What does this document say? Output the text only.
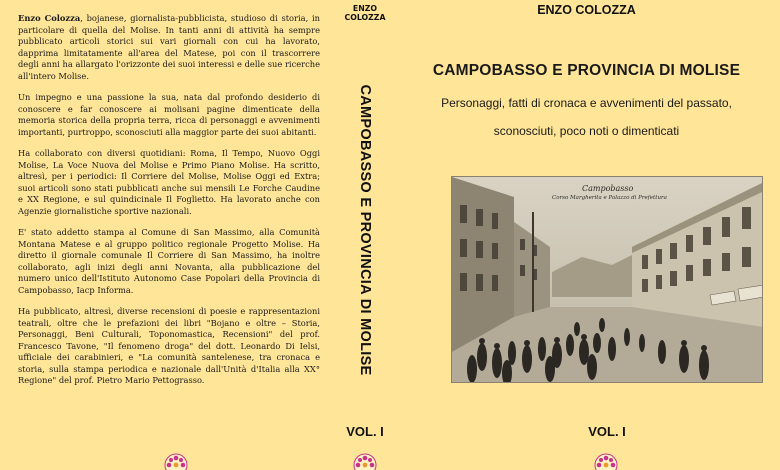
Enzo Colozza, bojanese, giornalista-pubblicista, studioso di storia, in particolare di quella del Molise. In tanti anni di attività ha sempre pubblicato articoli storici sui vari giornali con cui ha lavorato, dapprima limitatamente all'area del Matese, poi con il trascorrere degli anni ha allargato l'orizzonte dei suoi interessi e delle sue ricerche all'intero Molise.

Un impegno e una passione la sua, nata dal profondo desiderio di conoscere e far conoscere ai molisani pagine dimenticate della memoria storica della propria terra, ricca di personaggi e avvenimenti importanti, purtroppo, sconosciuti alla maggior parte dei suoi abitanti.

Ha collaborato con diversi quotidiani: Roma, Il Tempo, Nuovo Oggi Molise, La Voce Nuova del Molise e Primo Piano Molise. Ha scritto, altresì, per i periodici: Il Corriere del Molise, Molise Oggi ed Extra; suoi articoli sono stati pubblicati anche sui mensili Le Forche Caudine e XX Regione, e sul quindicinale Il Foglietto. Ha lavorato anche con Agenzie giornalistiche sportive nazionali.

E' stato addetto stampa al Comune di San Massimo, alla Comunità Montana Matese e al gruppo politico regionale Progetto Molise. Ha diretto il giornale comunale Il Corriere di San Massimo, ha inoltre collaborato, agli inizi degli anni Novanta, alla pubblicazione del numero unico dell'Istituto Autonomo Case Popolari della Provincia di Campobasso, Iacp Informa.

Ha pubblicato, altresì, diverse recensioni di poesie e rappresentazioni teatrali, oltre che le prefazioni dei libri "Bojano e oltre – Storia, Personaggi, Beni Culturali, Toponomastica, Recensioni" del prof. Francesco Tavone, "Il fenomeno droga" del dott. Leonardo Di Ielsi, ufficiale dei carabinieri, e "La comunità santelenese, tra cronaca e storia, sulla stampa periodica e nazionale dall'Unità d'Italia alla XX° Regione" del prof. Pietro Mario Pettograsso.

ENZO
COLOZZA
CAMPOBASSO E PROVINCIA DI MOLISE
VOL. I
ENZO COLOZZA
CAMPOBASSO E PROVINCIA DI MOLISE
Personaggi, fatti di cronaca e avvenimenti del passato,
sconosciuti, poco noti o dimenticati
Campobasso
Corso Margherita e Palazzo di Prefettura
VOL. I
